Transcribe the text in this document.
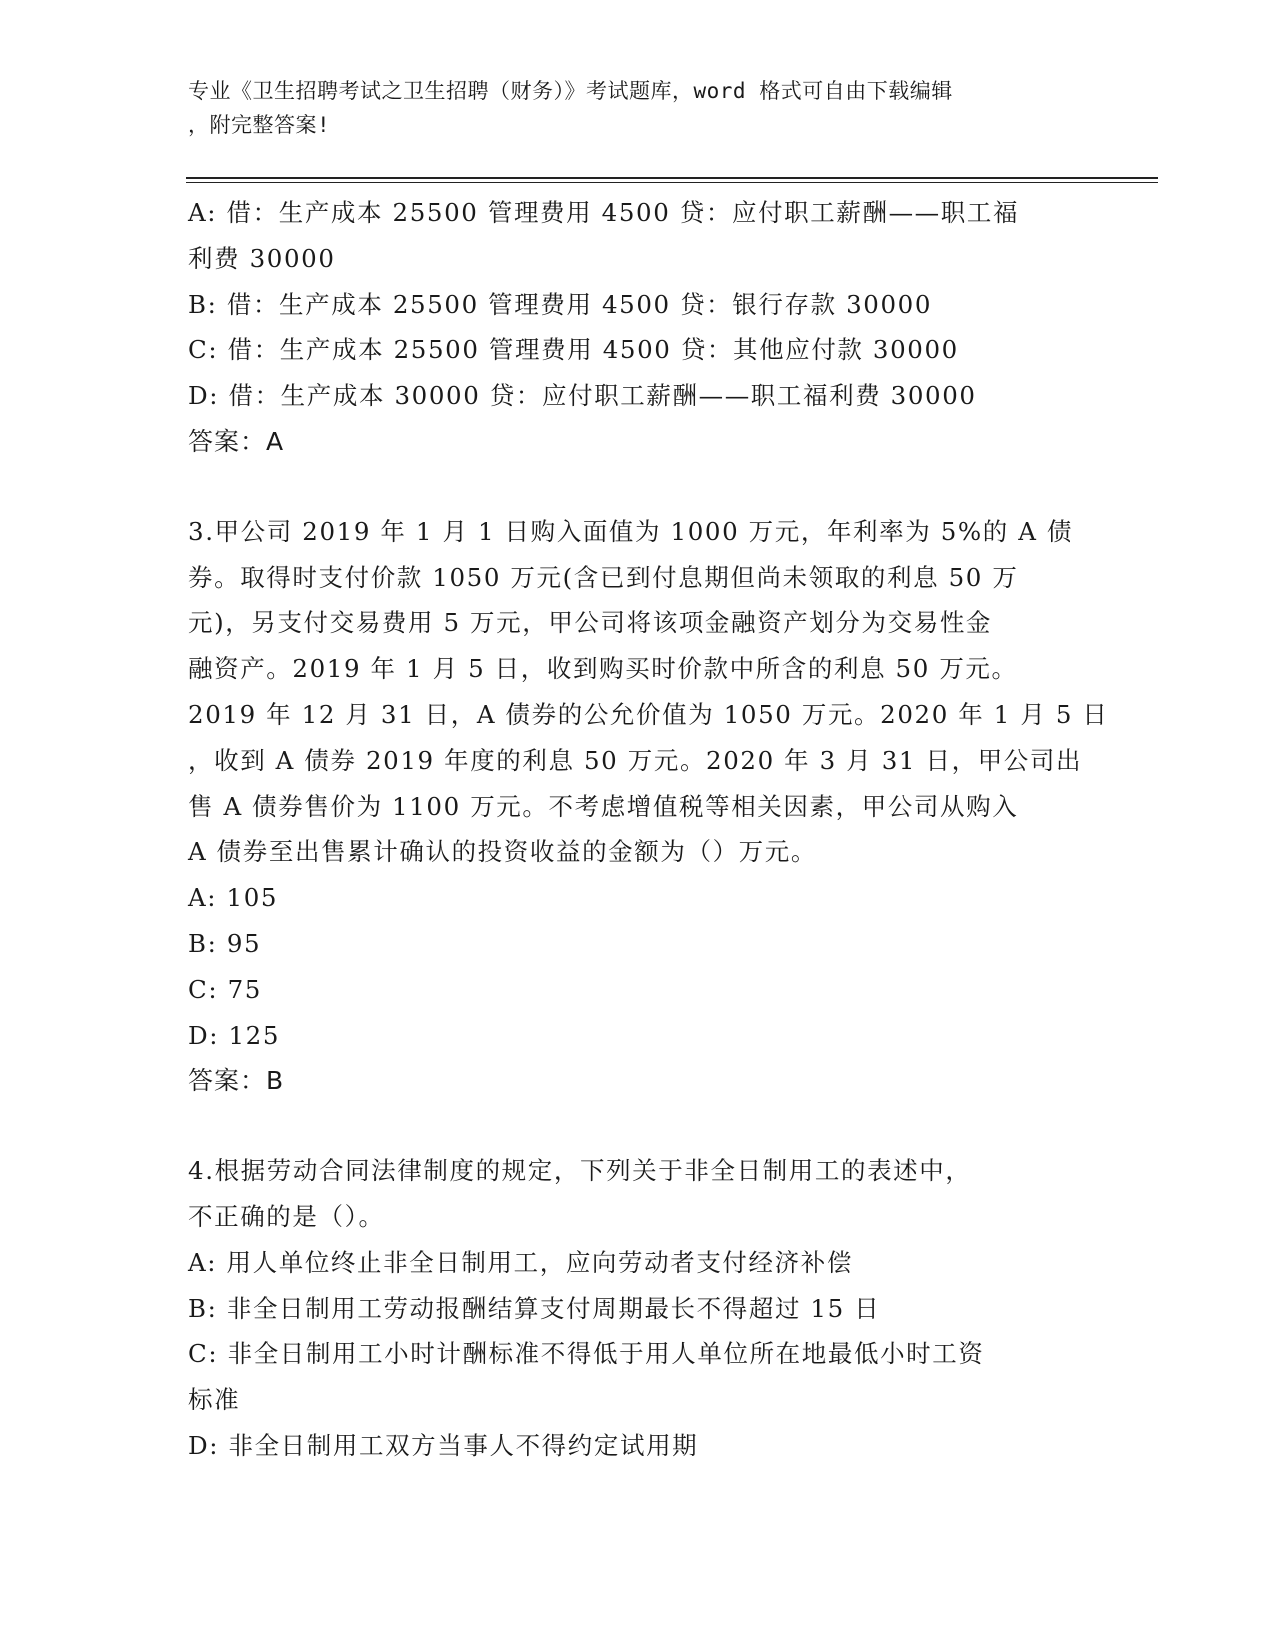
专业《卫生招聘考试之卫生招聘（财务）》考试题库，word 格式可自由下载编辑
，附完整答案!
A: 借：生产成本 25500 管理费用 4500 贷：应付职工薪酬——职工福
利费 30000
B: 借：生产成本 25500 管理费用 4500 贷：银行存款 30000
C: 借：生产成本 25500 管理费用 4500 贷：其他应付款 30000
D: 借：生产成本 30000 贷：应付职工薪酬——职工福利费 30000
答案：A
3.甲公司 2019 年 1 月 1 日购入面值为 1000 万元，年利率为 5%的 A 债
券。取得时支付价款 1050 万元(含已到付息期但尚未领取的利息 50 万
元)，另支付交易费用 5 万元，甲公司将该项金融资产划分为交易性金
融资产。2019 年 1 月 5 日，收到购买时价款中所含的利息 50 万元。
2019 年 12 月 31 日，A 债券的公允价值为 1050 万元。2020 年 1 月 5 日
，收到 A 债券 2019 年度的利息 50 万元。2020 年 3 月 31 日，甲公司出
售 A 债券售价为 1100 万元。不考虑增值税等相关因素，甲公司从购入
A 债券至出售累计确认的投资收益的金额为（）万元。
A: 105
B: 95
C: 75
D: 125
答案：B
4.根据劳动合同法律制度的规定，下列关于非全日制用工的表述中，
不正确的是（）。
A: 用人单位终止非全日制用工，应向劳动者支付经济补偿
B: 非全日制用工劳动报酬结算支付周期最长不得超过 15 日
C: 非全日制用工小时计酬标准不得低于用人单位所在地最低小时工资
标准
D: 非全日制用工双方当事人不得约定试用期
